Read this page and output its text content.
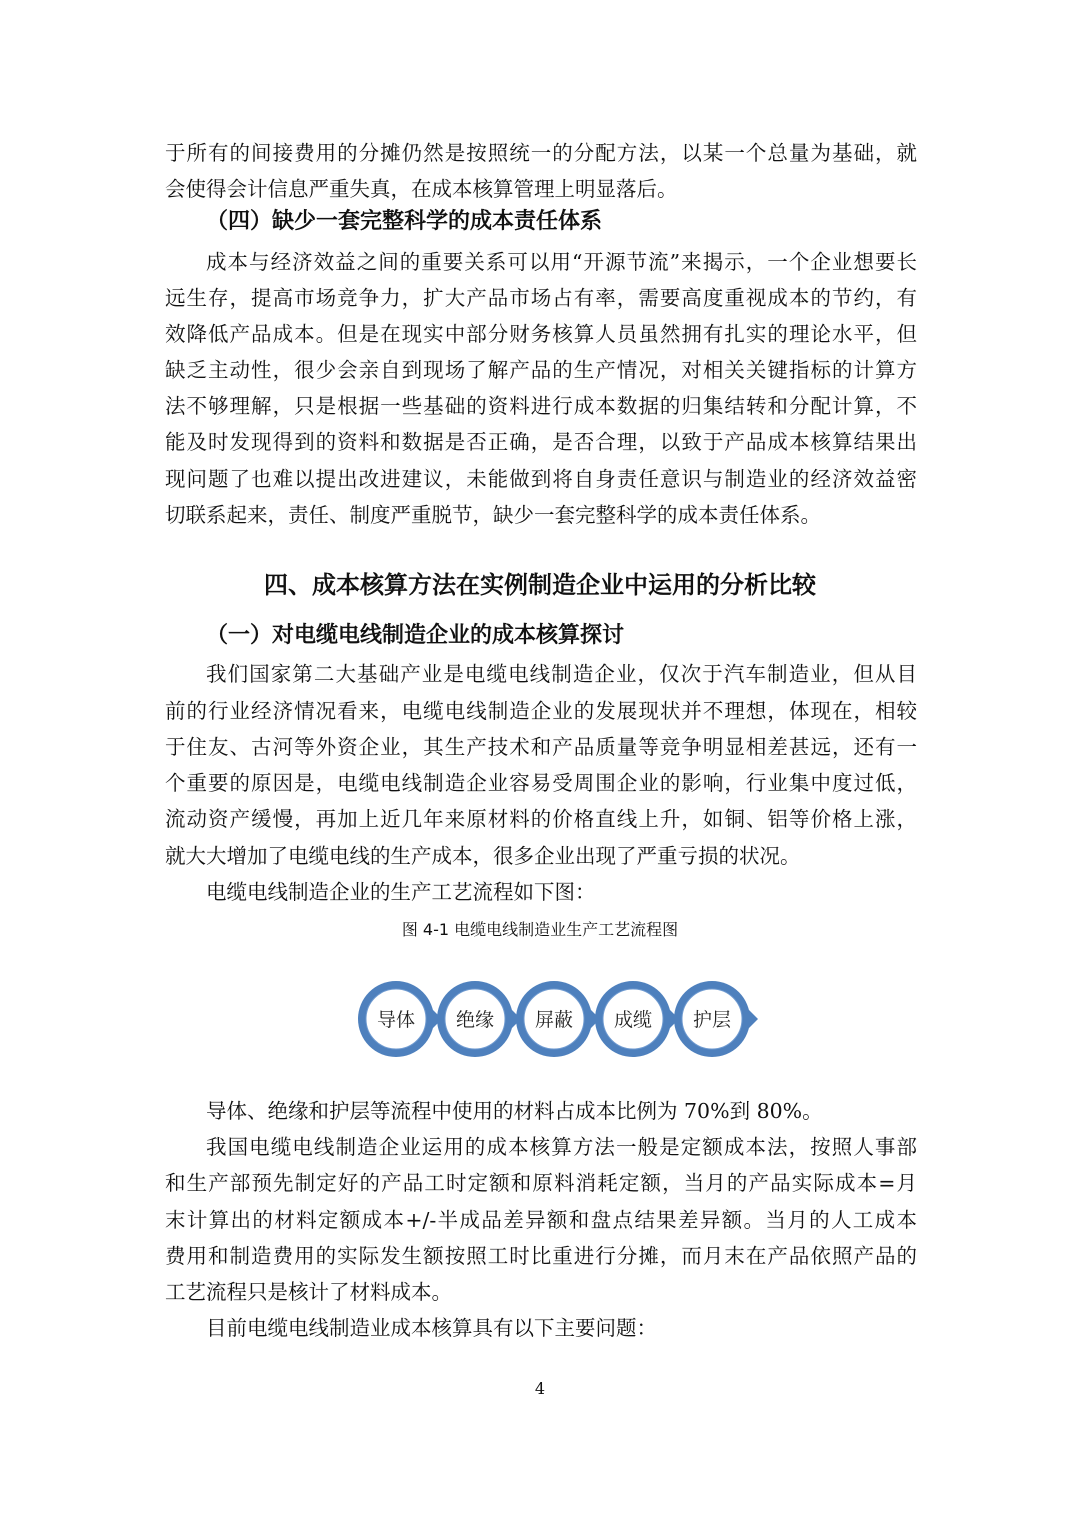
于所有的间接费用的分摊仍然是按照统一的分配方法，以某一个总量为基础，就
会使得会计信息严重失真，在成本核算管理上明显落后。
（四）缺少一套完整科学的成本责任体系
成本与经济效益之间的重要关系可以用“开源节流”来揭示，一个企业想要长
远生存，提高市场竞争力，扩大产品市场占有率，需要高度重视成本的节约，有
效降低产品成本。但是在现实中部分财务核算人员虽然拥有扎实的理论水平，但
缺乏主动性，很少会亲自到现场了解产品的生产情况，对相关关键指标的计算方
法不够理解，只是根据一些基础的资料进行成本数据的归集结转和分配计算，不
能及时发现得到的资料和数据是否正确，是否合理，以致于产品成本核算结果出
现问题了也难以提出改进建议，未能做到将自身责任意识与制造业的经济效益密
切联系起来，责任、制度严重脱节，缺少一套完整科学的成本责任体系。
四、成本核算方法在实例制造企业中运用的分析比较
（一）对电缆电线制造企业的成本核算探讨
我们国家第二大基础产业是电缆电线制造企业，仅次于汽车制造业，但从目
前的行业经济情况看来，电缆电线制造企业的发展现状并不理想，体现在，相较
于住友、古河等外资企业，其生产技术和产品质量等竞争明显相差甚远，还有一
个重要的原因是，电缆电线制造企业容易受周围企业的影响，行业集中度过低，
流动资产缓慢，再加上近几年来原材料的价格直线上升，如铜、铝等价格上涨，
就大大增加了电缆电线的生产成本，很多企业出现了严重亏损的状况。
电缆电线制造企业的生产工艺流程如下图：
图 4-1 电缆电线制造业生产工艺流程图
护层
成缆
屏蔽
绝缘
导体
导体、绝缘和护层等流程中使用的材料占成本比例为 70%到 80%。
我国电缆电线制造企业运用的成本核算方法一般是定额成本法，按照人事部
和生产部预先制定好的产品工时定额和原料消耗定额，当月的产品实际成本=月
末计算出的材料定额成本+/-半成品差异额和盘点结果差异额。当月的人工成本
费用和制造费用的实际发生额按照工时比重进行分摊，而月末在产品依照产品的
工艺流程只是核计了材料成本。
目前电缆电线制造业成本核算具有以下主要问题：
4
